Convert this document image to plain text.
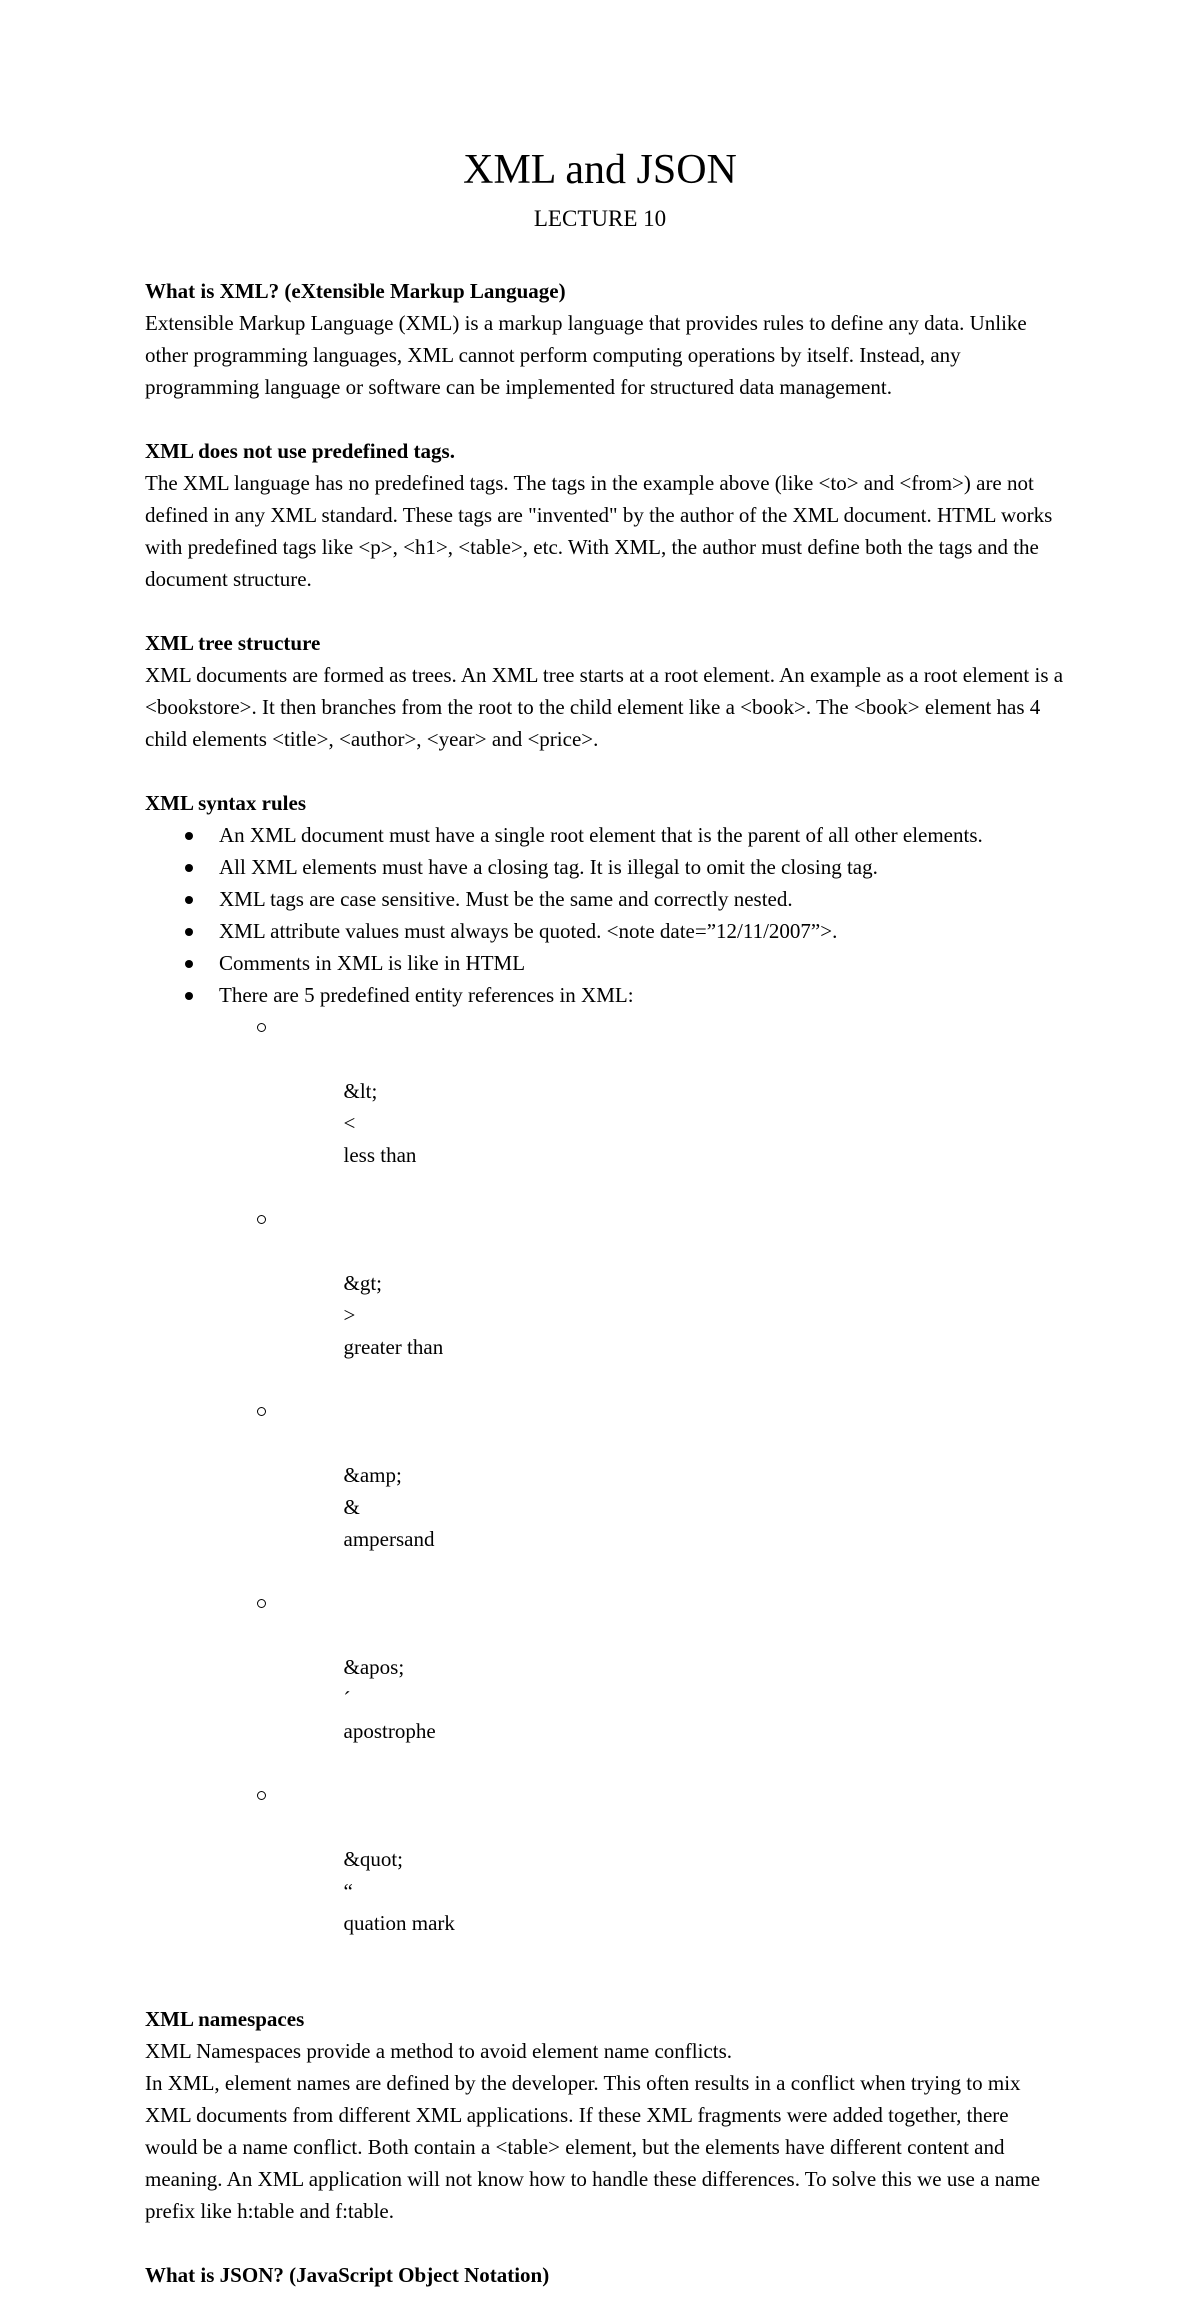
XML and JSON
LECTURE 10
What is XML? (eXtensible Markup Language)

Extensible Markup Language (XML) is a markup language that provides rules to define any data. Unlike other programming languages, XML cannot perform computing operations by itself. Instead, any programming language or software can be implemented for structured data management.

XML does not use predefined tags.

The XML language has no predefined tags. The tags in the example above (like <to> and <from>) are not defined in any XML standard. These tags are "invented" by the author of the XML document. HTML works with predefined tags like <p>, <h1>, <table>, etc. With XML, the author must define both the tags and the document structure.

XML tree structure

XML documents are formed as trees. An XML tree starts at a root element. An example as a root element is a <bookstore>. It then branches from the root to the child element like a <book>. The <book> element has 4 child elements <title>, <author>, <year> and <price>.

XML syntax rules
An XML document must have a single root element that is the parent of all other elements.
All XML elements must have a closing tag. It is illegal to omit the closing tag.
XML tags are case sensitive. Must be the same and correctly nested.
XML attribute values must always be quoted. <note date=”12/11/2007”>.
Comments in XML is like in HTML
There are 5 predefined entity references in XML:

&lt;
<
less than

&gt;
>
greater than

&amp;
&
ampersand

&apos;
´
apostrophe

&quot;
“
quation mark

XML namespaces

XML Namespaces provide a method to avoid element name conflicts.

In XML, element names are defined by the developer. This often results in a conflict when trying to mix XML documents from different XML applications. If these XML fragments were added together, there would be a name conflict. Both contain a <table> element, but the elements have different content and meaning. An XML application will not know how to handle these differences. To solve this we use a name prefix like h:table and f:table.

What is JSON? (JavaScript Object Notation)
